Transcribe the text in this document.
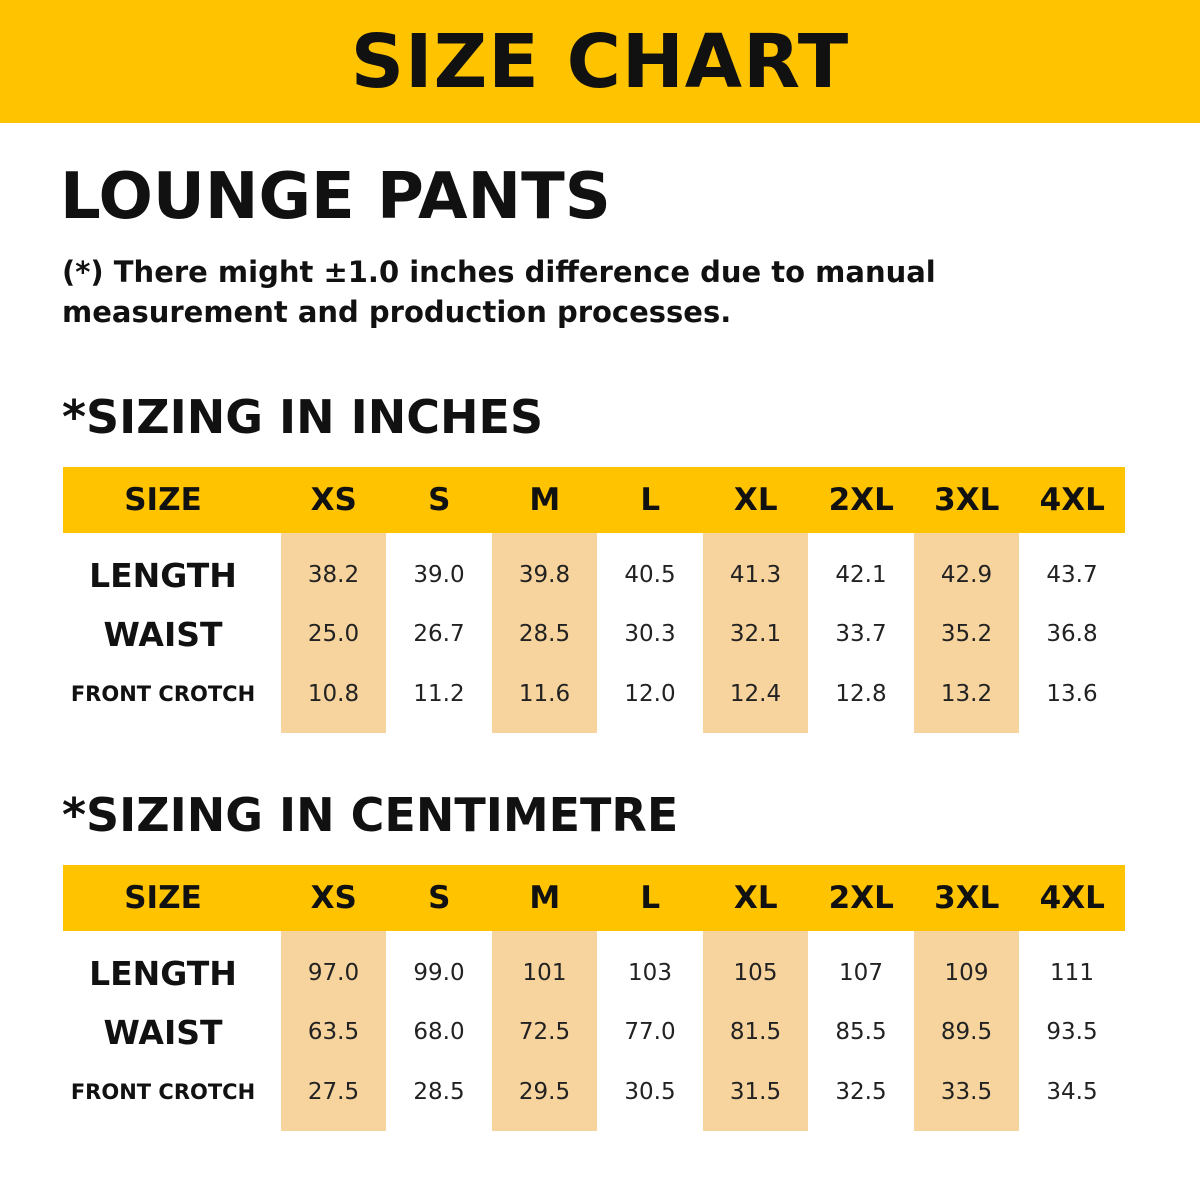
SIZE CHART
LOUNGE PANTS
(*) There might ±1.0 inches difference due to manual measurement and production processes.
*SIZING IN INCHES
SIZE	XS	S	M	L	XL	2XL	3XL	4XL
LENGTH	38.2	39.0	39.8	40.5	41.3	42.1	42.9	43.7
WAIST	25.0	26.7	28.5	30.3	32.1	33.7	35.2	36.8
FRONT CROTCH	10.8	11.2	11.6	12.0	12.4	12.8	13.2	13.6
*SIZING IN CENTIMETRE
SIZE	XS	S	M	L	XL	2XL	3XL	4XL
LENGTH	97.0	99.0	101	103	105	107	109	111
WAIST	63.5	68.0	72.5	77.0	81.5	85.5	89.5	93.5
FRONT CROTCH	27.5	28.5	29.5	30.5	31.5	32.5	33.5	34.5
